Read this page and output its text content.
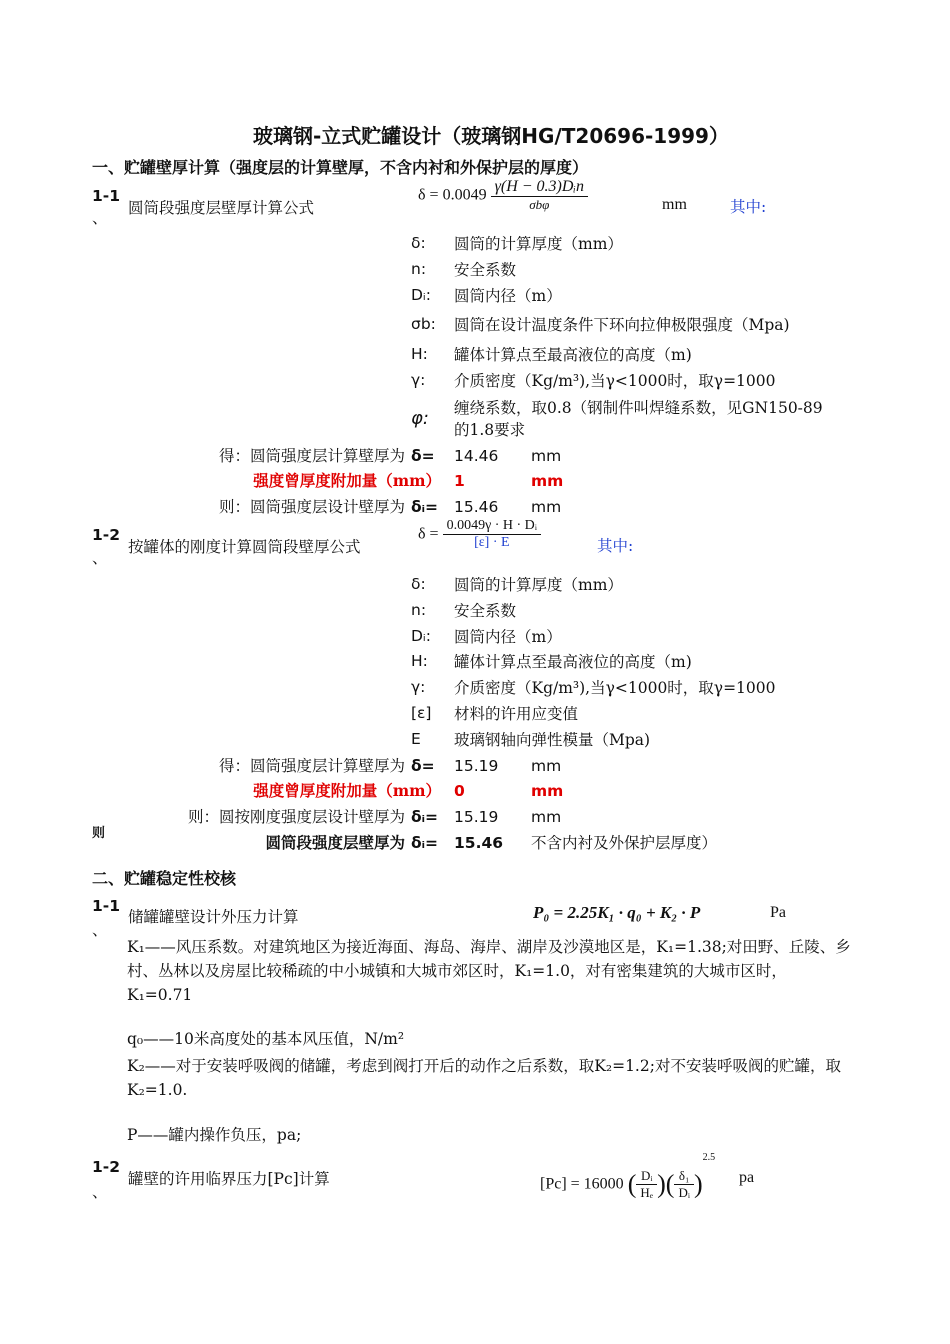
玻璃钢-立式贮罐设计（玻璃钢HG/T20696-1999）
一、贮罐壁厚计算（强度层的计算壁厚，不含内衬和外保护层的厚度）
1-1
、
圆筒段强度层壁厚计算公式
$\delta = 0.0049 \frac{\text{γ(H − 0.3)Dᵢn}}{\text{σbφ}}$	mm	其中:
δ: 圆筒的计算厚度（mm）
n: 安全系数
Dᵢ: 圆筒内径（m）
σb: 圆筒在设计温度条件下环向拉伸极限强度（Mpa)
H: 罐体计算点至最高液位的高度（m)
γ: 介质密度（Kg/m³),当γ<1000时，取γ=1000
φ: 缠绕系数，取0.8（钢制件叫焊缝系数，见GN150-89
的1.8要求
得：圆筒强度层计算壁厚为 δ= 14.46 mm
强度曾厚度附加量（mm） 1	mm
则：圆筒强度层设计壁厚为 δᵢ= 15.46 mm
1-2
、
按罐体的刚度计算圆筒段壁厚公式
$\delta = \frac{\text{0.0049γ · H · Dᵢ}}{[\varepsilon] \cdot E}$	其中:
δ: 圆筒的计算厚度（mm）
n: 安全系数
Dᵢ: 圆筒内径（m）
H: 罐体计算点至最高液位的高度（m)
γ: 介质密度（Kg/m³),当γ<1000时，取γ=1000
[ε] 材料的许用应变值
E 玻璃钢轴向弹性模量（Mpa)
得：圆筒强度层计算壁厚为 δ= 15.19 mm
强度曾厚度附加量（mm） 0	mm
则：圆按刚度强度层设计壁厚为 δᵢ= 15.19 mm
则	圆筒段强度层壁厚为 δᵢ= 15.46 不含内衬及外保护层厚度）
二、贮罐稳定性校核
1-1
、
储罐罐壁设计外压力计算	P₀ = 2.25K₁ · q₀ + K₂ · P	Pa
K₁——风压系数。对建筑地区为接近海面、海岛、海岸、湖岸及沙漠地区是，K₁=1.38;对田野、丘陵、乡村、丛林以及房屋比较稀疏的中小城镇和大城市郊区时，K₁=1.0，对有密集建筑的大城市区时，K₁=0.71
q₀——10米高度处的基本风压值，N/m²
K₂——对于安装呼吸阀的储罐，考虑到阀打开后的动作之后系数，取K₂=1.2;对不安装呼吸阀的贮罐，取K₂=1.0.
P——罐内操作负压，pa;
1-2
、
罐壁的许用临界压力[Pc]计算	[Pc] = 16000 ( $\frac{\text{Dᵢ}}{\text{Hₑ}}$ )( $\frac{\text{δ₁}}{\text{Dᵢ}} )^{2.5}$
pa
